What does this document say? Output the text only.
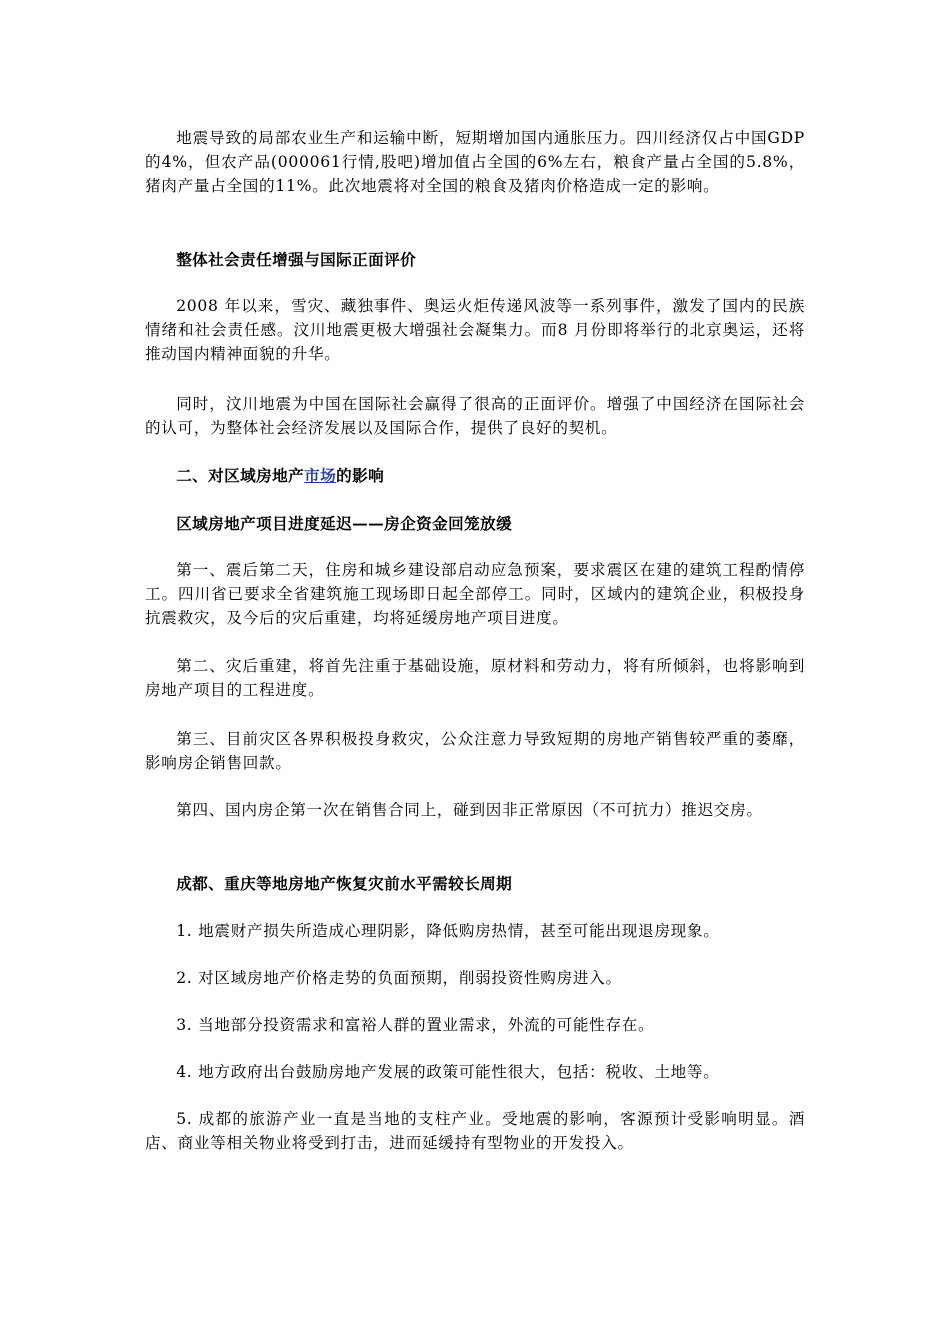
地震导致的局部农业生产和运输中断，短期增加国内通胀压力。四川经济仅占中国GDP 的4%，但农产品(000061行情,股吧)增加值占全国的6%左右，粮食产量占全国的5.8%，猪肉产量占全国的11%。此次地震将对全国的粮食及猪肉价格造成一定的影响。

整体社会责任增强与国际正面评价

2008 年以来，雪灾、藏独事件、奥运火炬传递风波等一系列事件，激发了国内的民族情绪和社会责任感。汶川地震更极大增强社会凝集力。而8 月份即将举行的北京奥运，还将推动国内精神面貌的升华。

同时，汶川地震为中国在国际社会赢得了很高的正面评价。增强了中国经济在国际社会的认可，为整体社会经济发展以及国际合作，提供了良好的契机。

二、对区域房地产市场的影响

区域房地产项目进度延迟——房企资金回笼放缓

第一、震后第二天，住房和城乡建设部启动应急预案，要求震区在建的建筑工程酌情停工。四川省已要求全省建筑施工现场即日起全部停工。同时，区域内的建筑企业，积极投身抗震救灾，及今后的灾后重建，均将延缓房地产项目进度。

第二、灾后重建，将首先注重于基础设施，原材料和劳动力，将有所倾斜，也将影响到房地产项目的工程进度。

第三、目前灾区各界积极投身救灾，公众注意力导致短期的房地产销售较严重的萎靡，影响房企销售回款。

第四、国内房企第一次在销售合同上，碰到因非正常原因（不可抗力）推迟交房。

成都、重庆等地房地产恢复灾前水平需较长周期

1. 地震财产损失所造成心理阴影，降低购房热情，甚至可能出现退房现象。

2. 对区域房地产价格走势的负面预期，削弱投资性购房进入。

3. 当地部分投资需求和富裕人群的置业需求，外流的可能性存在。

4. 地方政府出台鼓励房地产发展的政策可能性很大，包括：税收、土地等。

5. 成都的旅游产业一直是当地的支柱产业。受地震的影响，客源预计受影响明显。酒店、商业等相关物业将受到打击，进而延缓持有型物业的开发投入。
